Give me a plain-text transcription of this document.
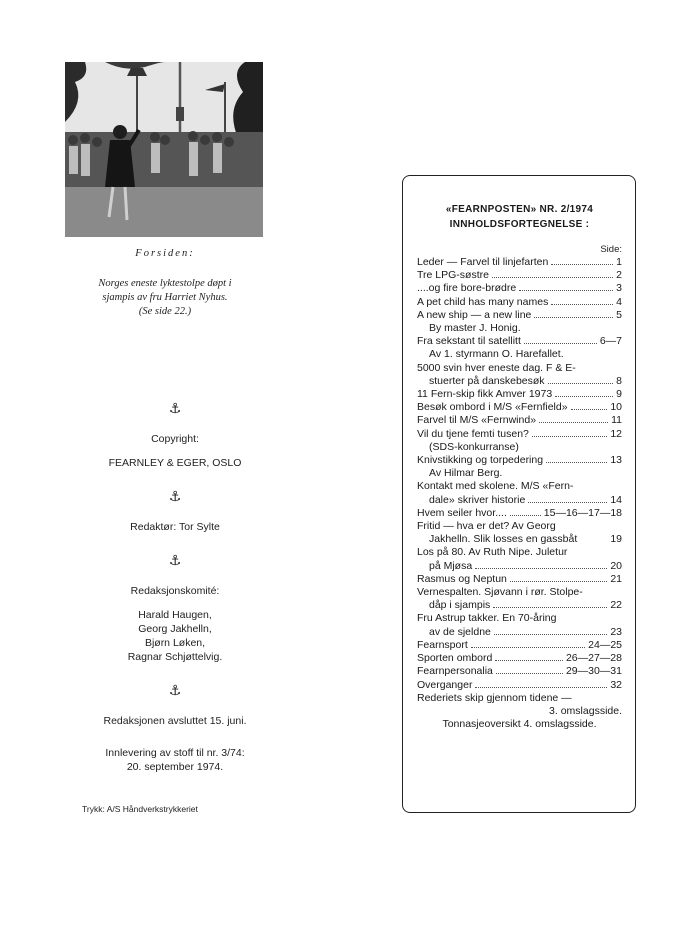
Forsiden:
Norges eneste lyktestolpe døpt i
sjampis av fru Harriet Nyhus.
(Se side 22.)
⚓
Copyright:
FEARNLEY & EGER, OSLO
⚓
Redaktør: Tor Sylte
⚓
Redaksjonskomité:
Harald Haugen,
Georg Jakhelln,
Bjørn Løken,
Ragnar Schjøttelvig.
⚓
Redaksjonen avsluttet 15. juni.
Innlevering av stoff til nr. 3/74:
20. september 1974.
Trykk: A/S Håndverkstrykkeriet
«FEARNPOSTEN» NR. 2/1974
INNHOLDSFORTEGNELSE :
Side:
Leder — Farvel til linjefarten	1
Tre LPG-søstre	2
....og fire bore-brødre	3
A pet child has many names	4
A new ship — a new line	5
By master J. Honig.
Fra sekstant til satellitt	6—7
Av 1. styrmann O. Harefallet.
5000 svin hver eneste dag. F & E-
stuerter på danskebesøk	8
11 Fern-skip fikk Amver 1973	9
Besøk ombord i M/S «Fernfield»	10
Farvel til M/S «Fernwind»	11
Vil du tjene femti tusen?	12
(SDS-konkurranse)
Knivstikking og torpedering	13
Av Hilmar Berg.
Kontakt med skolene. M/S «Fern-
dale» skriver historie	14
Hvem seiler hvor....	15—16—17—18
Fritid — hva er det? Av Georg
Jakhelln. Slik losses en gassbåt	19
Los på 80. Av Ruth Nipe. Juletur
på Mjøsa	20
Rasmus og Neptun	21
Vernespalten. Sjøvann i rør. Stolpe-
dåp i sjampis	22
Fru Astrup takker. En 70-åring
av de sjeldne	23
Fearnsport	24—25
Sporten ombord	26—27—28
Fearnpersonalia	29—30—31
Overganger	32
Rederiets skip gjennom tidene —
3. omslagsside.
Tonnasjeoversikt 4. omslagsside.
